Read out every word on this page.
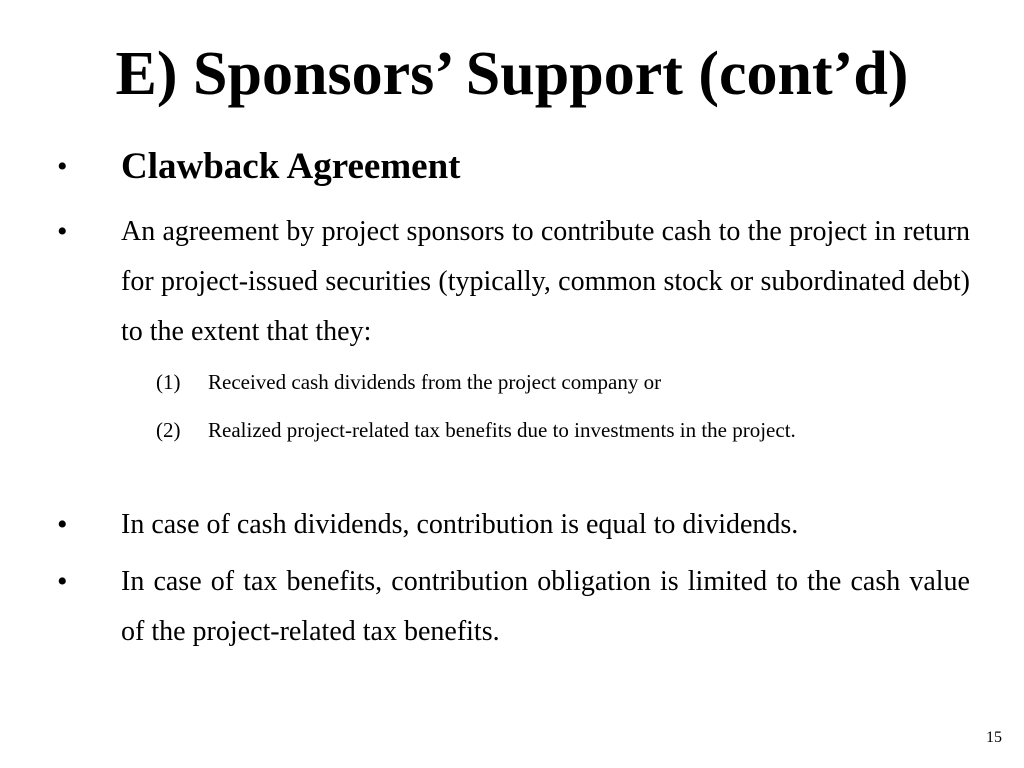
E) Sponsors’ Support (cont’d)
•	Clawback Agreement
•	An agreement by project sponsors to contribute cash to the project in return for project-issued securities (typically, common stock or subordinated debt) to the extent that they:
(1)	Received cash dividends from the project company or
(2)	Realized project-related tax benefits due to investments in the project.
•	In case of cash dividends, contribution is equal to dividends.
•	In case of tax benefits, contribution obligation is limited to the cash value of the project-related tax benefits.
15
